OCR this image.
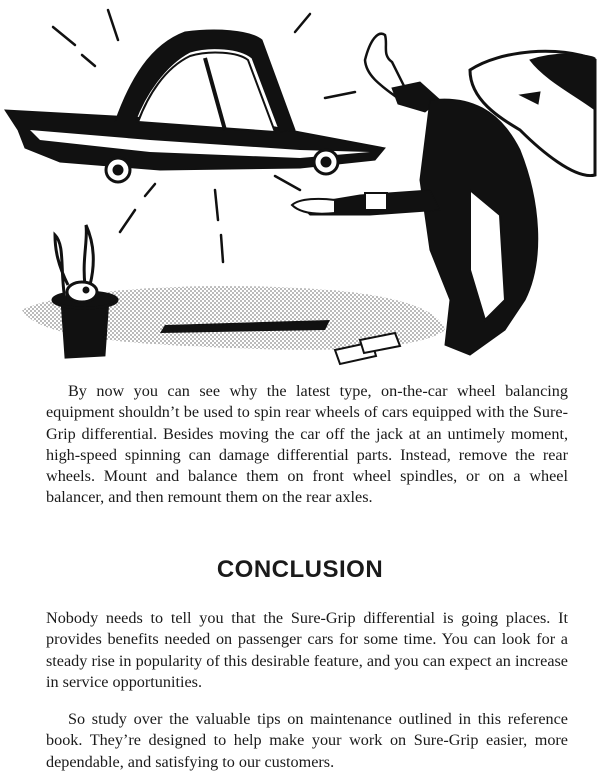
By now you can see why the latest type, on-the-car wheel balancing equipment shouldn’t be used to spin rear wheels of cars equipped with the Sure-Grip differential. Besides moving the car off the jack at an untimely moment, high-speed spinning can damage differential parts. Instead, remove the rear wheels. Mount and balance them on front wheel spindles, or on a wheel balancer, and then remount them on the rear axles.

CONCLUSION

Nobody needs to tell you that the Sure-Grip differential is going places. It provides benefits needed on passenger cars for some time. You can look for a steady rise in popularity of this desirable feature, and you can expect an increase in service opportunities.

So study over the valuable tips on maintenance outlined in this reference book. They’re designed to help make your work on Sure-Grip easier, more dependable, and satisfying to our customers.
